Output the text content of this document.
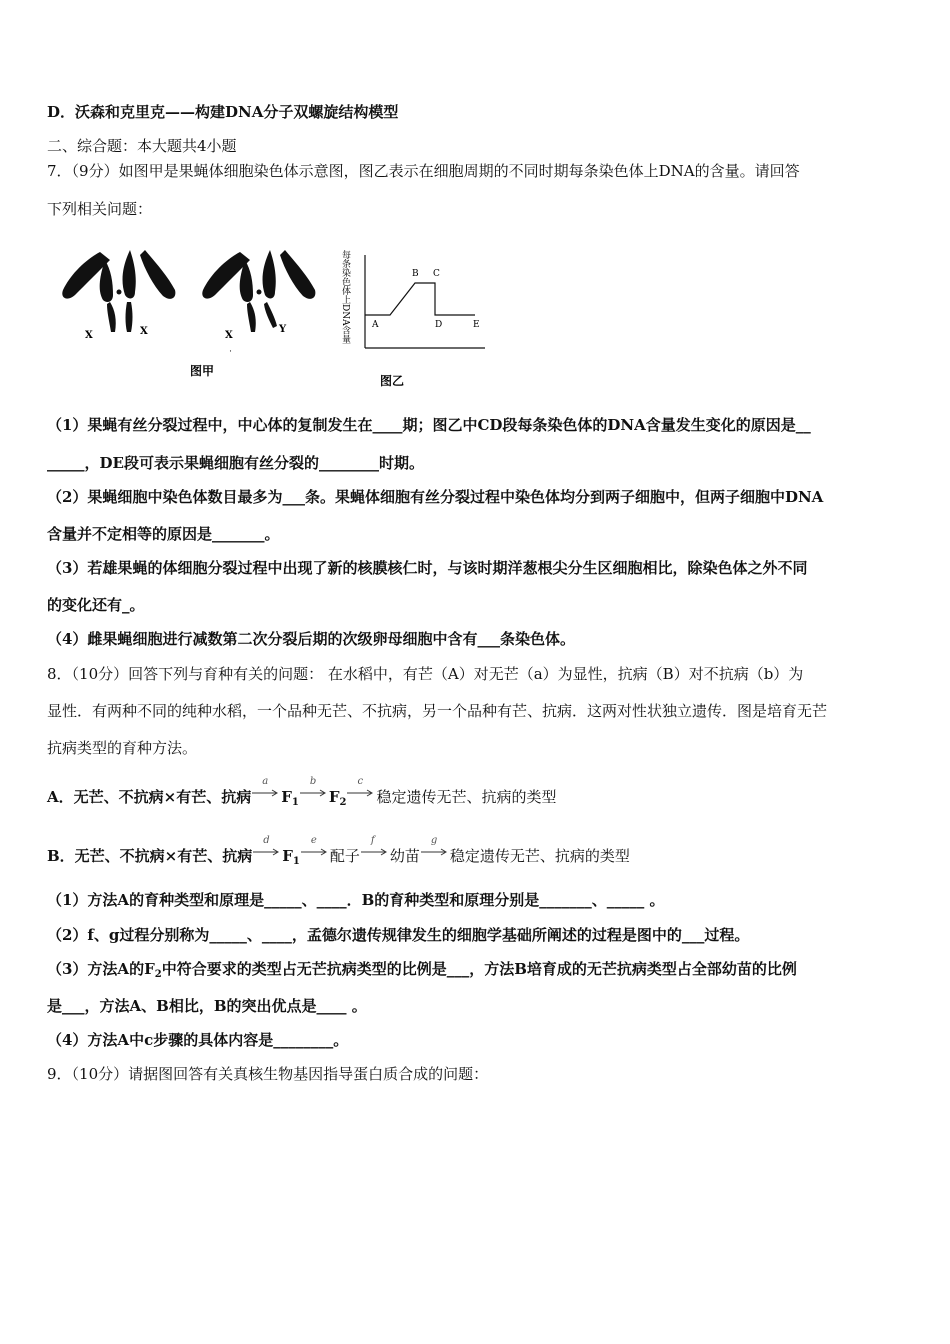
D．沃森和克里克——构建DNA分子双螺旋结构模型
二、综合题：本大题共4小题
7．（9分）如图甲是果蝇体细胞染色体示意图，图乙表示在细胞周期的不同时期每条染色体上DNA的含量。请回答
下列相关问题：
X	X	X
Y
˙
图甲
每条染色体上DNA含量 A
B C
D	E
图乙
（1）果蝇有丝分裂过程中，中心体的复制发生在____期；图乙中CD段每条染色体的DNA含量发生变化的原因是__
_____，DE段可表示果蝇细胞有丝分裂的________时期。
（2）果蝇细胞中染色体数目最多为___条。果蝇体细胞有丝分裂过程中染色体均分到两子细胞中，但两子细胞中DNA
含量并不定相等的原因是_______。
（3）若雄果蝇的体细胞分裂过程中出现了新的核膜核仁时，与该时期洋葱根尖分生区细胞相比，除染色体之外不同
的变化还有_。
（4）雌果蝇细胞进行减数第二次分裂后期的次级卵母细胞中含有___条染色体。
8．（10分）回答下列与育种有关的问题： 在水稻中，有芒（A）对无芒（a）为显性，抗病（B）对不抗病（b）为
显性．有两种不同的纯种水稻，一个品种无芒、不抗病，另一个品种有芒、抗病．这两对性状独立遗传．图是培育无芒
抗病类型的育种方法。
A．无芒、不抗病×有芒、抗病
a
$F_1$
b
$F_2$
c
稳定遗传无芒、抗病的类型
B．无芒、不抗病×有芒、抗病
d
$F_1$
e
配子
f
幼苗
g
稳定遗传无芒、抗病的类型
（1）方法A的育种类型和原理是_____、____．B的育种类型和原理分别是_______、_____ 。
（2）f、g过程分别称为_____、____，孟德尔遗传规律发生的细胞学基础所阐述的过程是图中的___过程。
（3）方法A的$F_2$中符合要求的类型占无芒抗病类型的比例是___，方法B培育成的无芒抗病类型占全部幼苗的比例
是___，方法A、B相比，B的突出优点是____ 。
（4）方法A中c步骤的具体内容是________。
9．（10分）请据图回答有关真核生物基因指导蛋白质合成的问题：
